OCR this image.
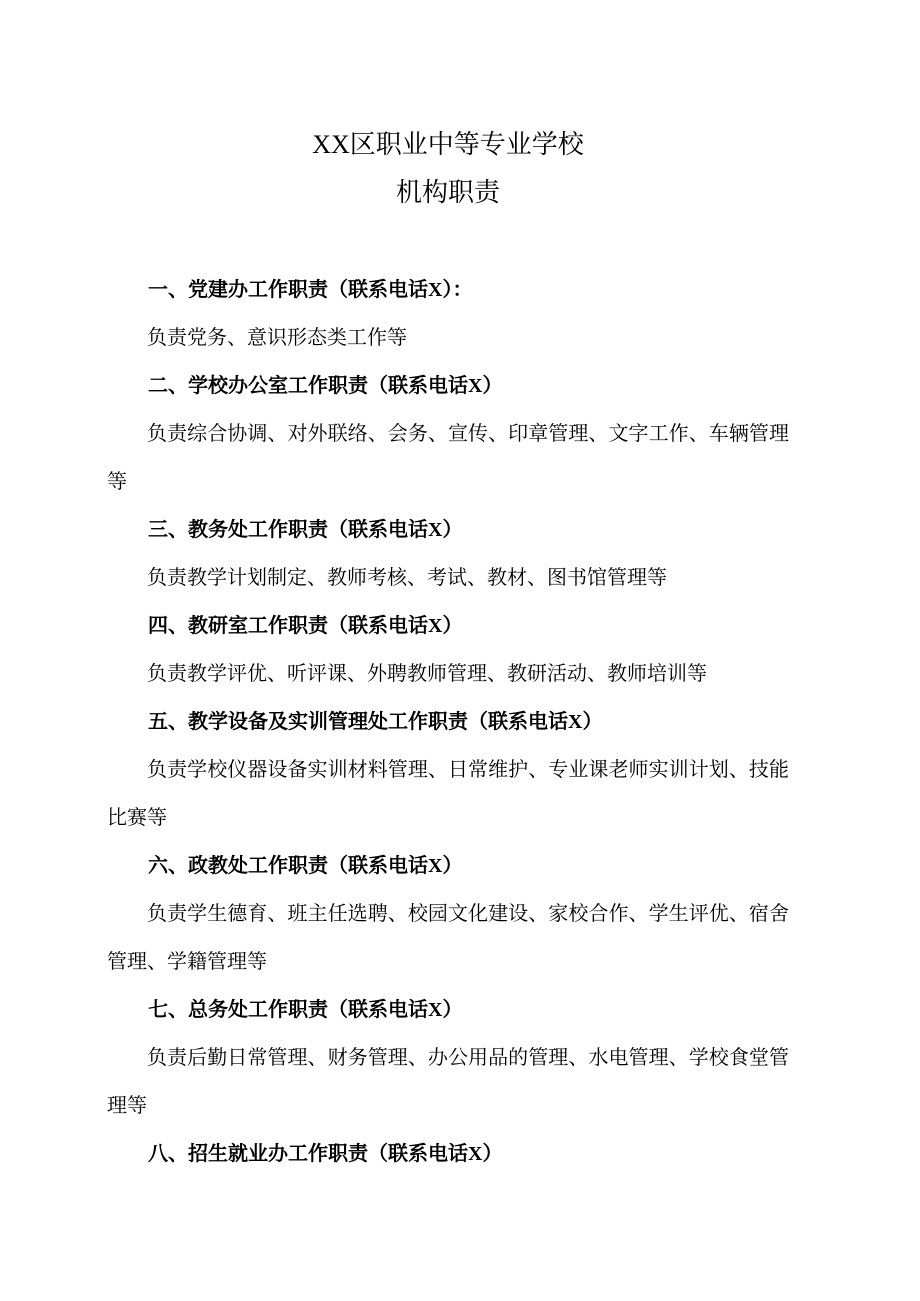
XX区职业中等专业学校
机构职责

一、党建办工作职责（联系电话X）：

负责党务、意识形态类工作等

二、学校办公室工作职责（联系电话X）

负责综合协调、对外联络、会务、宣传、印章管理、文字工作、车辆管理等

三、教务处工作职责（联系电话X）

负责教学计划制定、教师考核、考试、教材、图书馆管理等

四、教研室工作职责（联系电话X）

负责教学评优、听评课、外聘教师管理、教研活动、教师培训等

五、教学设备及实训管理处工作职责（联系电话X）

负责学校仪器设备实训材料管理、日常维护、专业课老师实训计划、技能比赛等

六、政教处工作职责（联系电话X）

负责学生德育、班主任选聘、校园文化建设、家校合作、学生评优、宿舍管理、学籍管理等

七、总务处工作职责（联系电话X）

负责后勤日常管理、财务管理、办公用品的管理、水电管理、学校食堂管理等

八、招生就业办工作职责（联系电话X）
